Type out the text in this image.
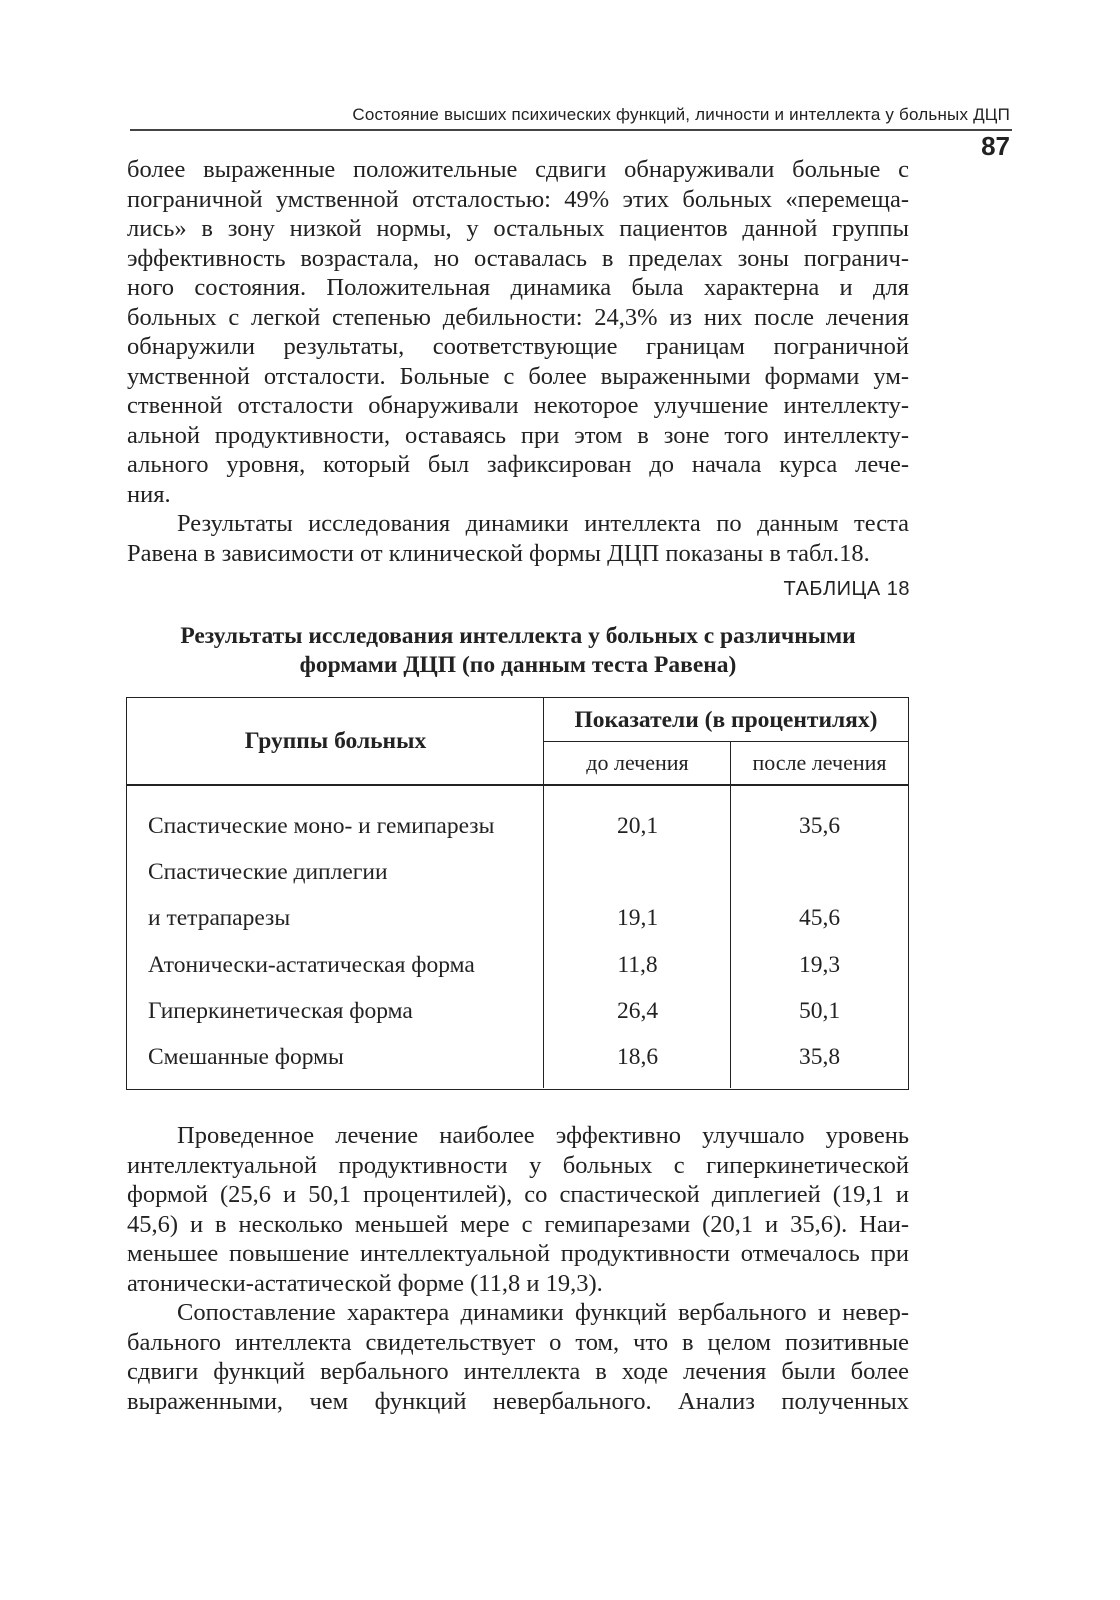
Состояние высших психических функций, личности и интеллекта у больных ДЦП
87

более выраженные положительные сдвиги обнаруживали больные с
пограничной умственной отсталостью: 49% этих больных «перемеща-
лись» в зону низкой нормы, у остальных пациентов данной группы
эффективность возрастала, но оставалась в пределах зоны погранич-
ного состояния. Положительная динамика была характерна и для
больных с легкой степенью дебильности: 24,3% из них после лечения
обнаружили результаты, соответствующие границам пограничной
умственной отсталости. Больные с более выраженными формами ум-
ственной отсталости обнаруживали некоторое улучшение интеллекту-
альной продуктивности, оставаясь при этом в зоне того интеллекту-
ального уровня, который был зафиксирован до начала курса лече-
ния.

Результаты исследования динамики интеллекта по данным теста
Равена в зависимости от клинической формы ДЦП показаны в табл.18.

ТАБЛИЦА 18
Результаты исследования интеллекта у больных с различными
формами ДЦП (по данным теста Равена)
Группы больных
Показатели (в процентилях)
до лечения	после лечения
Спастические моно- и гемипарезы	20,1	35,6
Спастические диплегии
и тетрапарезы	19,1	45,6
Атонически-астатическая форма	11,8	19,3
Гиперкинетическая форма	26,4	50,1
Смешанные формы	18,6	35,8

Проведенное лечение наиболее эффективно улучшало уровень
интеллектуальной продуктивности у больных с гиперкинетической
формой (25,6 и 50,1 процентилей), со спастической диплегией (19,1 и
45,6) и в несколько меньшей мере с гемипарезами (20,1 и 35,6). Наи-
меньшее повышение интеллектуальной продуктивности отмечалось при
атонически-астатической форме (11,8 и 19,3).

Сопоставление характера динамики функций вербального и невер-
бального интеллекта свидетельствует о том, что в целом позитивные
сдвиги функций вербального интеллекта в ходе лечения были более
выраженными, чем функций невербального. Анализ полученных
